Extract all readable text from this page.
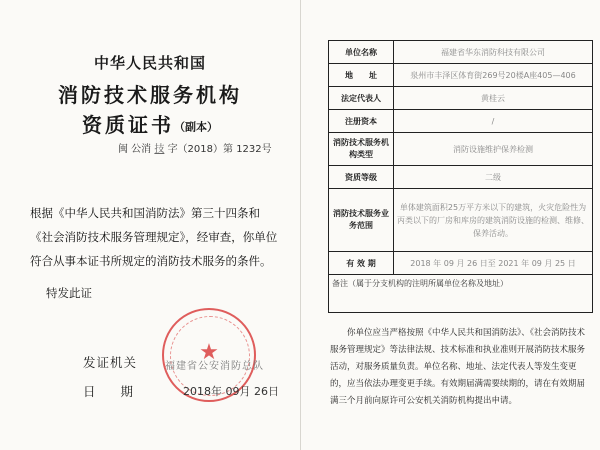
中华人民共和国
消防技术服务机构
资质证书（副本）
闽 公消 技 字（2018）第 1232号

根据《中华人民共和国消防法》第三十四条和

《社会消防技术服务管理规定》，经审查，你单位

符合从事本证书所规定的消防技术服务的条件。

特发此证
★
发证机关	福建省公安消防总队
日　　期	2018年 09月 26日
单位名称	福建省华东消防科技有限公司
地　　址	泉州市丰泽区体育街269号20楼A座405—406
法定代表人	黄桂云
注册资本	/
消防技术服务机构类型	消防设施维护保养检测
资质等级	二级
消防技术服务业务范围	单体建筑面积25万平方米以下的建筑，火灾危险性为丙类以下的厂房和库房的建筑消防设施的检测、维修、保养活动。
有 效 期	2018 年 09 月 26 日至 2021 年 09 月 25 日
备注（属于分支机构的注明所属单位名称及地址）	
你单位应当严格按照《中华人民共和国消防法》、《社会消防技术服务管理规定》等法律法规、技术标准和执业准则开展消防技术服务活动，对服务质量负责。单位名称、地址、法定代表人等发生变更的，应当依法办理变更手续。有效期届满需要续期的，请在有效期届满三个月前向原许可公安机关消防机构提出申请。
